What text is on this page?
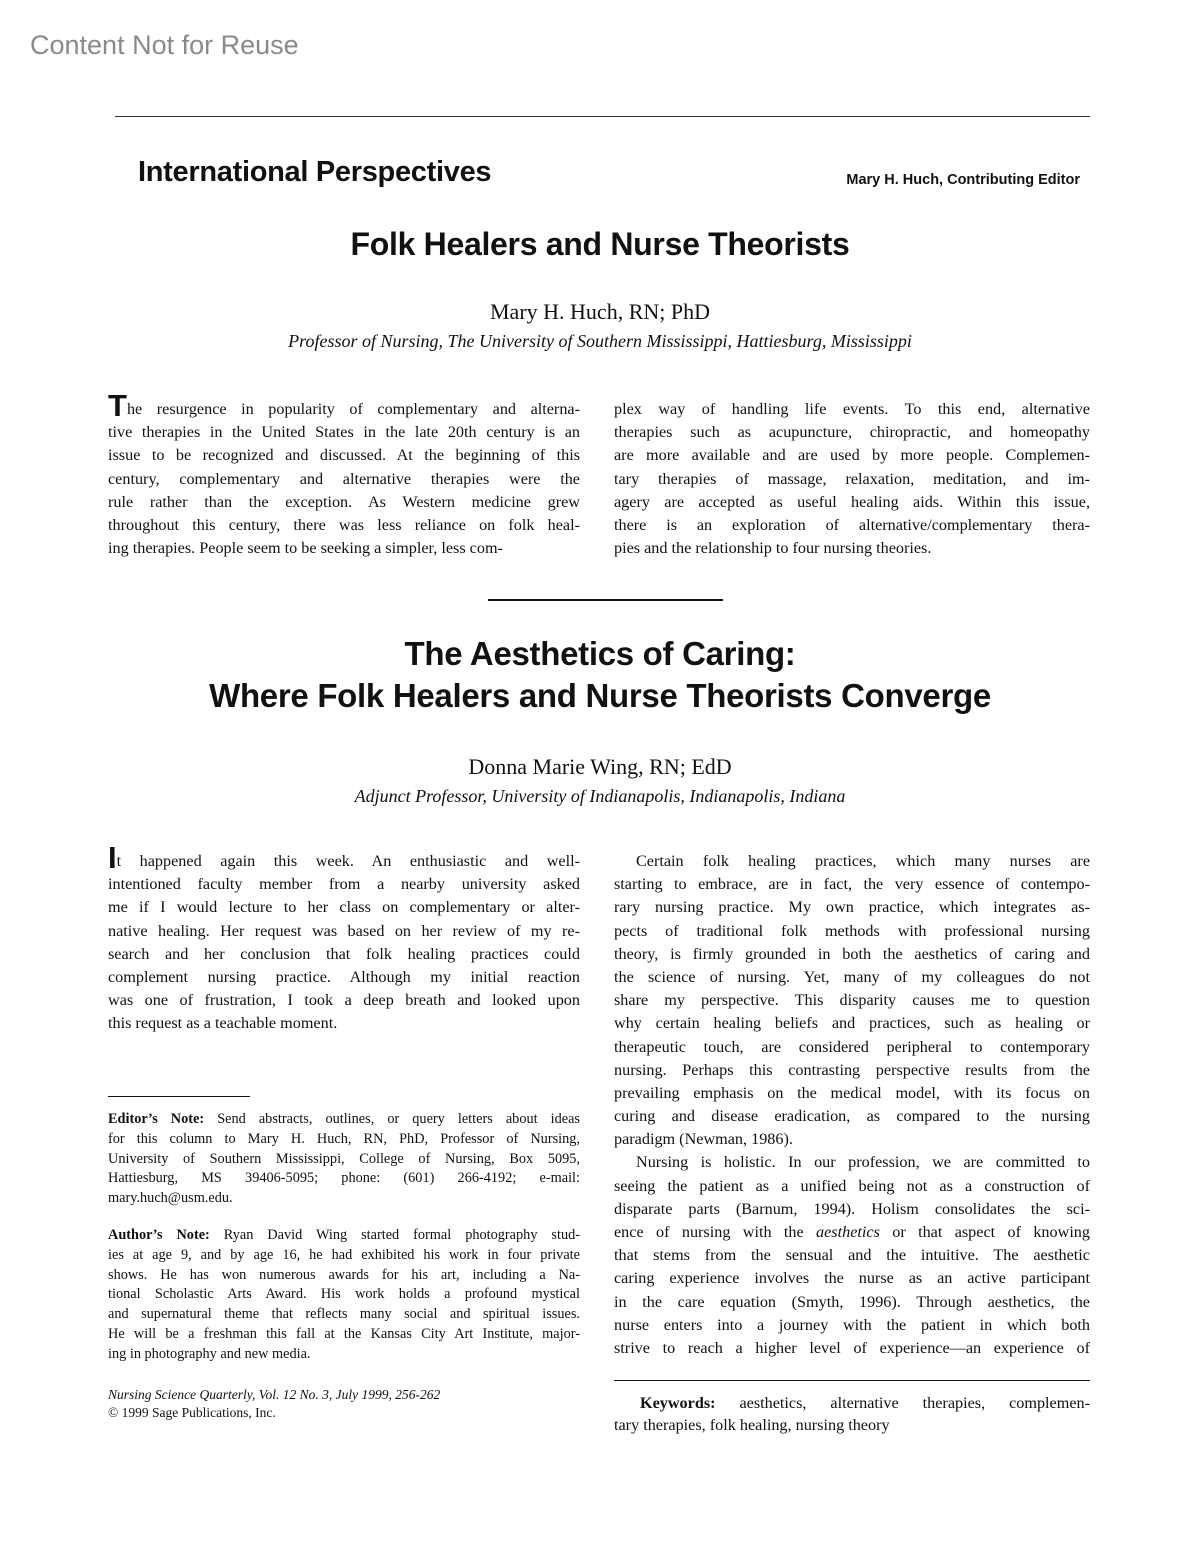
Content Not for Reuse
International Perspectives	Mary H. Huch, Contributing Editor
Folk Healers and Nurse Theorists
Mary H. Huch, RN; PhD
Professor of Nursing, The University of Southern Mississippi, Hattiesburg, Mississippi
The resurgence in popularity of complementary and alterna-
tive therapies in the United States in the late 20th century is an
issue to be recognized and discussed. At the beginning of this
century, complementary and alternative therapies were the
rule rather than the exception. As Western medicine grew
throughout this century, there was less reliance on folk heal-
ing therapies. People seem to be seeking a simpler, less com-
plex way of handling life events. To this end, alternative
therapies such as acupuncture, chiropractic, and homeopathy
are more available and are used by more people. Complemen-
tary therapies of massage, relaxation, meditation, and im-
agery are accepted as useful healing aids. Within this issue,
there is an exploration of alternative/complementary thera-
pies and the relationship to four nursing theories.
The Aesthetics of Caring:
Where Folk Healers and Nurse Theorists Converge
Donna Marie Wing, RN; EdD
Adjunct Professor, University of Indianapolis, Indianapolis, Indiana
It happened again this week. An enthusiastic and well-
intentioned faculty member from a nearby university asked
me if I would lecture to her class on complementary or alter-
native healing. Her request was based on her review of my re-
search and her conclusion that folk healing practices could
complement nursing practice. Although my initial reaction
was one of frustration, I took a deep breath and looked upon
this request as a teachable moment.
Certain folk healing practices, which many nurses are
starting to embrace, are in fact, the very essence of contempo-
rary nursing practice. My own practice, which integrates as-
pects of traditional folk methods with professional nursing
theory, is firmly grounded in both the aesthetics of caring and
the science of nursing. Yet, many of my colleagues do not
share my perspective. This disparity causes me to question
why certain healing beliefs and practices, such as healing or
therapeutic touch, are considered peripheral to contemporary
nursing. Perhaps this contrasting perspective results from the
prevailing emphasis on the medical model, with its focus on
curing and disease eradication, as compared to the nursing
paradigm (Newman, 1986).
Nursing is holistic. In our profession, we are committed to
seeing the patient as a unified being not as a construction of
disparate parts (Barnum, 1994). Holism consolidates the sci-
ence of nursing with the aesthetics or that aspect of knowing
that stems from the sensual and the intuitive. The aesthetic
caring experience involves the nurse as an active participant
in the care equation (Smyth, 1996). Through aesthetics, the
nurse enters into a journey with the patient in which both
strive to reach a higher level of experience—an experience of
Editor’s Note: Send abstracts, outlines, or query letters about ideas
for this column to Mary H. Huch, RN, PhD, Professor of Nursing,
University of Southern Mississippi, College of Nursing, Box 5095,
Hattiesburg, MS 39406-5095; phone: (601) 266-4192; e-mail:
mary.huch@usm.edu.
Author’s Note: Ryan David Wing started formal photography stud-
ies at age 9, and by age 16, he had exhibited his work in four private
shows. He has won numerous awards for his art, including a Na-
tional Scholastic Arts Award. His work holds a profound mystical
and supernatural theme that reflects many social and spiritual issues.
He will be a freshman this fall at the Kansas City Art Institute, major-
ing in photography and new media.
Nursing Science Quarterly, Vol. 12 No. 3, July 1999, 256-262
© 1999 Sage Publications, Inc.
Keywords: aesthetics, alternative therapies, complemen-
tary therapies, folk healing, nursing theory
